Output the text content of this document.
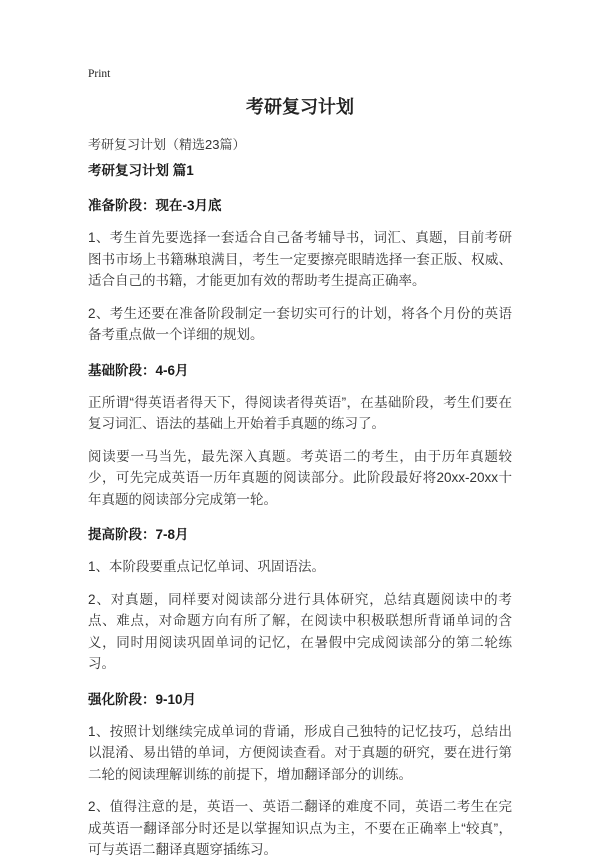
Print
考研复习计划

考研复习计划（精选23篇）

考研复习计划 篇1
准备阶段：现在-3月底

1、考生首先要选择一套适合自己备考辅导书，词汇、真题，目前考研图书市场上书籍琳琅满目，考生一定要擦亮眼睛选择一套正版、权威、适合自己的书籍，才能更加有效的帮助考生提高正确率。

2、考生还要在准备阶段制定一套切实可行的计划，将各个月份的英语备考重点做一个详细的规划。

基础阶段：4-6月

正所谓“得英语者得天下，得阅读者得英语”，在基础阶段，考生们要在复习词汇、语法的基础上开始着手真题的练习了。

阅读要一马当先，最先深入真题。考英语二的考生，由于历年真题较少，可先完成英语一历年真题的阅读部分。此阶段最好将20xx-20xx十年真题的阅读部分完成第一轮。

提高阶段：7-8月

1、本阶段要重点记忆单词、巩固语法。

2、对真题，同样要对阅读部分进行具体研究，总结真题阅读中的考点、难点，对命题方向有所了解，在阅读中积极联想所背诵单词的含义，同时用阅读巩固单词的记忆，在暑假中完成阅读部分的第二轮练习。

强化阶段：9-10月

1、按照计划继续完成单词的背诵，形成自己独特的记忆技巧，总结出以混淆、易出错的单词，方便阅读查看。对于真题的研究，要在进行第二轮的阅读理解训练的前提下，增加翻译部分的训练。

2、值得注意的是，英语一、英语二翻译的难度不同，英语二考生在完成英语一翻译部分时还是以掌握知识点为主，不要在正确率上“较真”，可与英语二翻译真题穿插练习。
